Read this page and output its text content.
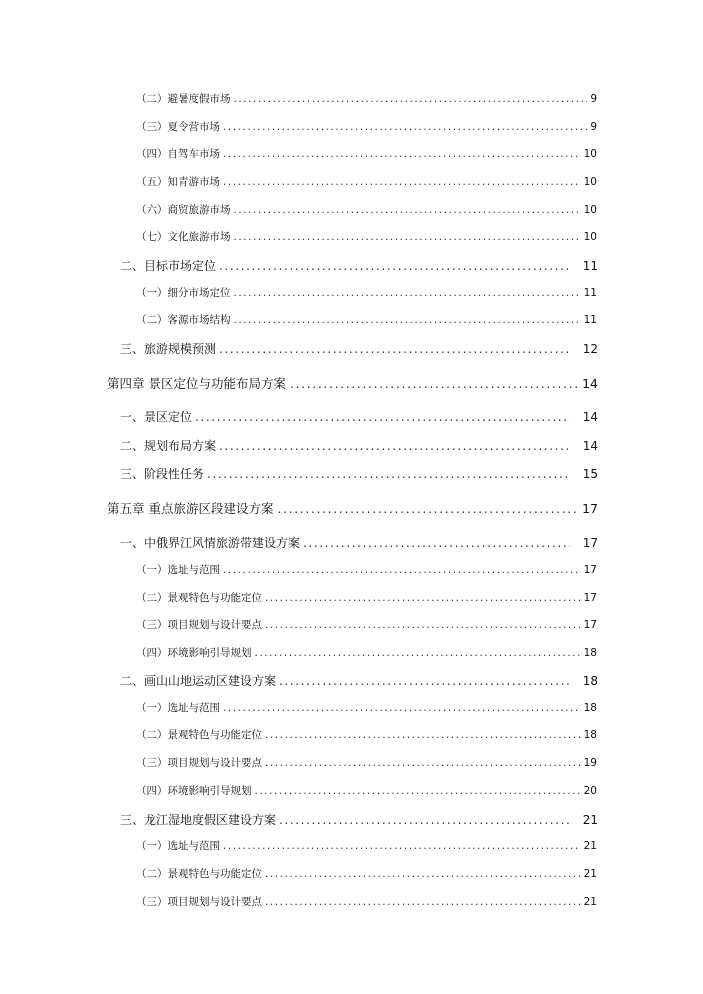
（二）避暑度假市场 .....	9
（三）夏令营市场 .....	9
（四）自驾车市场 .....	10
（五）知青游市场 .....	10
（六）商贸旅游市场 .....	10
（七）文化旅游市场 .....	10
二、目标市场定位 .....	11
（一）细分市场定位 .....	11
（二）客源市场结构 .....	11
三、旅游规模预测 .....	12
第四章 景区定位与功能布局方案 .....	14
一、景区定位 .....	14
二、规划布局方案 .....	14
三、阶段性任务 .....	15
第五章 重点旅游区段建设方案 .....	17
一、中俄界江风情旅游带建设方案 .....	17
（一）选址与范围 .....	17
（二）景观特色与功能定位 .....	17
（三）项目规划与设计要点 .....	17
（四）环境影响引导规划 .....	18
二、画山山地运动区建设方案 .....	18
（一）选址与范围 .....	18
（二）景观特色与功能定位 .....	18
（三）项目规划与设计要点 .....	19
（四）环境影响引导规划 .....	20
三、龙江湿地度假区建设方案 .....	21
（一）选址与范围 .....	21
（二）景观特色与功能定位 .....	21
（三）项目规划与设计要点 .....	21
